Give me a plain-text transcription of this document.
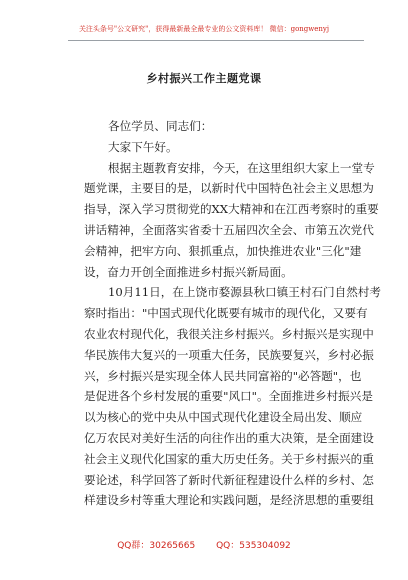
关注头条号"公文研究"，获得最新最全最专业的公文资料库！ 微信：gongwenyj
乡村振兴工作主题党课
各位学员、同志们：
大家下午好。
根据主题教育安排，今天，在这里组织大家上一堂专
题党课，主要目的是，以新时代中国特色社会主义思想为
指导，深入学习贯彻党的XX大精神和在江西考察时的重要
讲话精神，全面落实省委十五届四次全会、市第五次党代
会精神，把牢方向、狠抓重点，加快推进农业"三化"建
设，奋力开创全面推进乡村振兴新局面。
10月11日，在上饶市婺源县秋口镇王村石门自然村考
察时指出："中国式现代化既要有城市的现代化，又要有
农业农村现代化，我很关注乡村振兴。乡村振兴是实现中
华民族伟大复兴的一项重大任务，民族要复兴，乡村必振
兴，乡村振兴是实现全体人民共同富裕的"必答题"，也
是促进各个乡村发展的重要"风口"。全面推进乡村振兴是
以为核心的党中央从中国式现代化建设全局出发、顺应
亿万农民对美好生活的向往作出的重大决策，是全面建设
社会主义现代化国家的重大历史任务。关于乡村振兴的重
要论述，科学回答了新时代新征程建设什么样的乡村、怎
样建设乡村等重大理论和实践问题，是经济思想的重要组
QQ群：30265665 QQ：535304092
